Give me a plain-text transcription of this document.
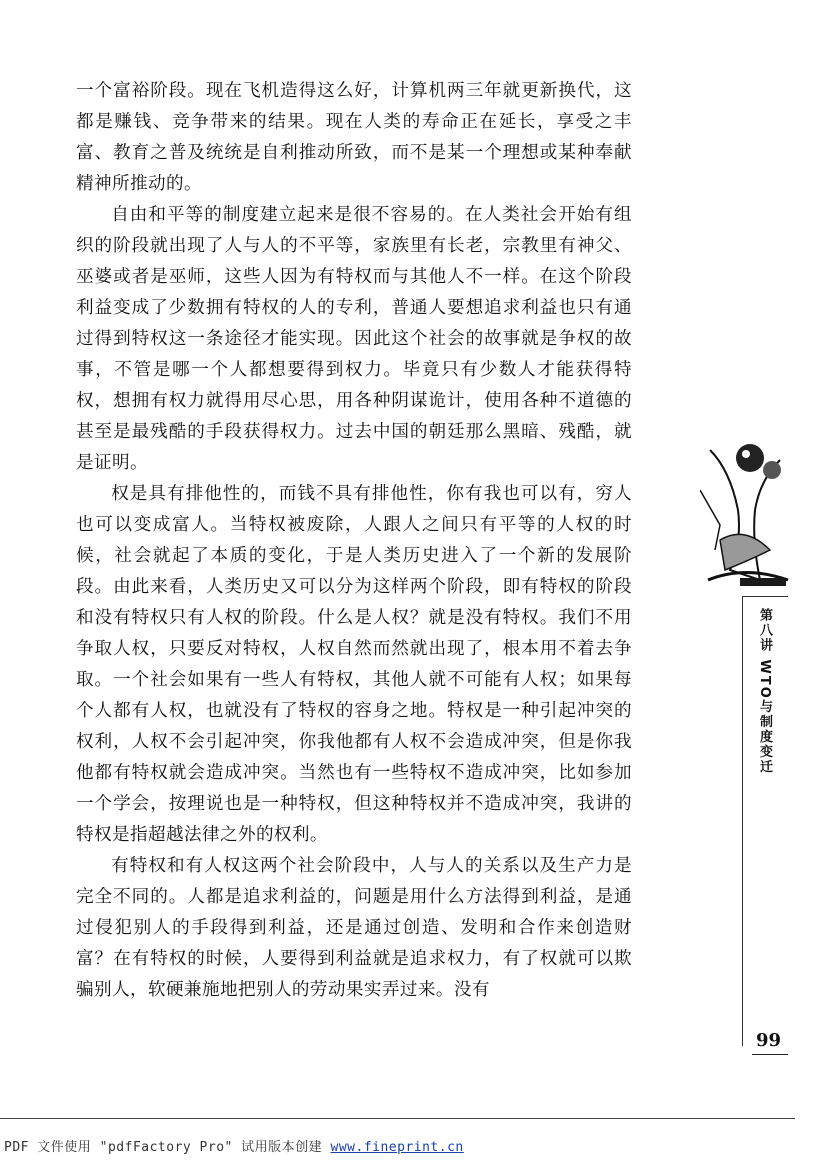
一个富裕阶段。现在飞机造得这么好，计算机两三年就更新换代，这都是赚钱、竞争带来的结果。现在人类的寿命正在延长，享受之丰富、教育之普及统统是自利推动所致，而不是某一个理想或某种奉献精神所推动的。

自由和平等的制度建立起来是很不容易的。在人类社会开始有组织的阶段就出现了人与人的不平等，家族里有长老，宗教里有神父、巫婆或者是巫师，这些人因为有特权而与其他人不一样。在这个阶段利益变成了少数拥有特权的人的专利，普通人要想追求利益也只有通过得到特权这一条途径才能实现。因此这个社会的故事就是争权的故事，不管是哪一个人都想要得到权力。毕竟只有少数人才能获得特权，想拥有权力就得用尽心思，用各种阴谋诡计，使用各种不道德的甚至是最残酷的手段获得权力。过去中国的朝廷那么黑暗、残酷，就是证明。

权是具有排他性的，而钱不具有排他性，你有我也可以有，穷人也可以变成富人。当特权被废除，人跟人之间只有平等的人权的时候，社会就起了本质的变化，于是人类历史进入了一个新的发展阶段。由此来看，人类历史又可以分为这样两个阶段，即有特权的阶段和没有特权只有人权的阶段。什么是人权？就是没有特权。我们不用争取人权，只要反对特权，人权自然而然就出现了，根本用不着去争取。一个社会如果有一些人有特权，其他人就不可能有人权；如果每个人都有人权，也就没有了特权的容身之地。特权是一种引起冲突的权利，人权不会引起冲突，你我他都有人权不会造成冲突，但是你我他都有特权就会造成冲突。当然也有一些特权不造成冲突，比如参加一个学会，按理说也是一种特权，但这种特权并不造成冲突，我讲的特权是指超越法律之外的权利。

有特权和有人权这两个社会阶段中，人与人的关系以及生产力是完全不同的。人都是追求利益的，问题是用什么方法得到利益，是通过侵犯别人的手段得到利益，还是通过创造、发明和合作来创造财富？在有特权的时候，人要得到利益就是追求权力，有了权就可以欺骗别人，软硬兼施地把别人的劳动果实弄过来。没有

第八讲 WTO与制度变迁
99
PDF 文件使用 "pdfFactory Pro" 试用版本创建 www.fineprint.cn
